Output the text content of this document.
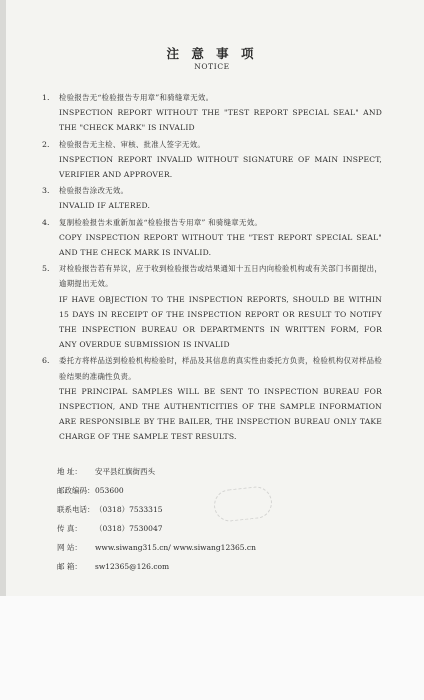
注 意 事 项
NOTICE
1. 检验报告无“检验报告专用章”和骑缝章无效。
INSPECTION REPORT WITHOUT THE "TEST REPORT SPECIAL SEAL" AND THE "CHECK MARK" IS INVALID
2. 检验报告无主检、审核、批准人签字无效。
INSPECTION REPORT INVALID WITHOUT SIGNATURE OF MAIN INSPECT, VERIFIER AND APPROVER.
3. 检验报告涂改无效。
INVALID IF ALTERED.
4. 复制检验报告未重新加盖“检验报告专用章” 和骑缝章无效。
COPY INSPECTION REPORT WITHOUT THE "TEST REPORT SPECIAL SEAL" AND THE CHECK MARK IS INVALID.
5. 对检验报告若有异议，应于收到检验报告或结果通知十五日内向检验机构或有关部门书面提出，逾期提出无效。
IF HAVE OBJECTION TO THE INSPECTION REPORTS, SHOULD BE WITHIN 15 DAYS IN RECEIPT OF THE INSPECTION REPORT OR RESULT TO NOTIFY THE INSPECTION BUREAU OR DEPARTMENTS IN WRITTEN FORM, FOR ANY OVERDUE SUBMISSION IS INVALID
6. 委托方将样品送到检验机构检验时，样品及其信息的真实性由委托方负责，检验机构仅对样品检验结果的准确性负责。
THE PRINCIPAL SAMPLES WILL BE SENT TO INSPECTION BUREAU FOR INSPECTION, AND THE AUTHENTICITIES OF THE SAMPLE INFORMATION ARE RESPONSIBLE BY THE BAILER, THE INSPECTION BUREAU ONLY TAKE CHARGE OF THE SAMPLE TEST RESULTS.
地 址：	安平县红旗街西头
邮政编码： 053600
联系电话： （0318）7533315
传 真：	（0318）7530047
网 站：	www.siwang315.cn/ www.siwang12365.cn
邮 箱：	sw12365@126.com
